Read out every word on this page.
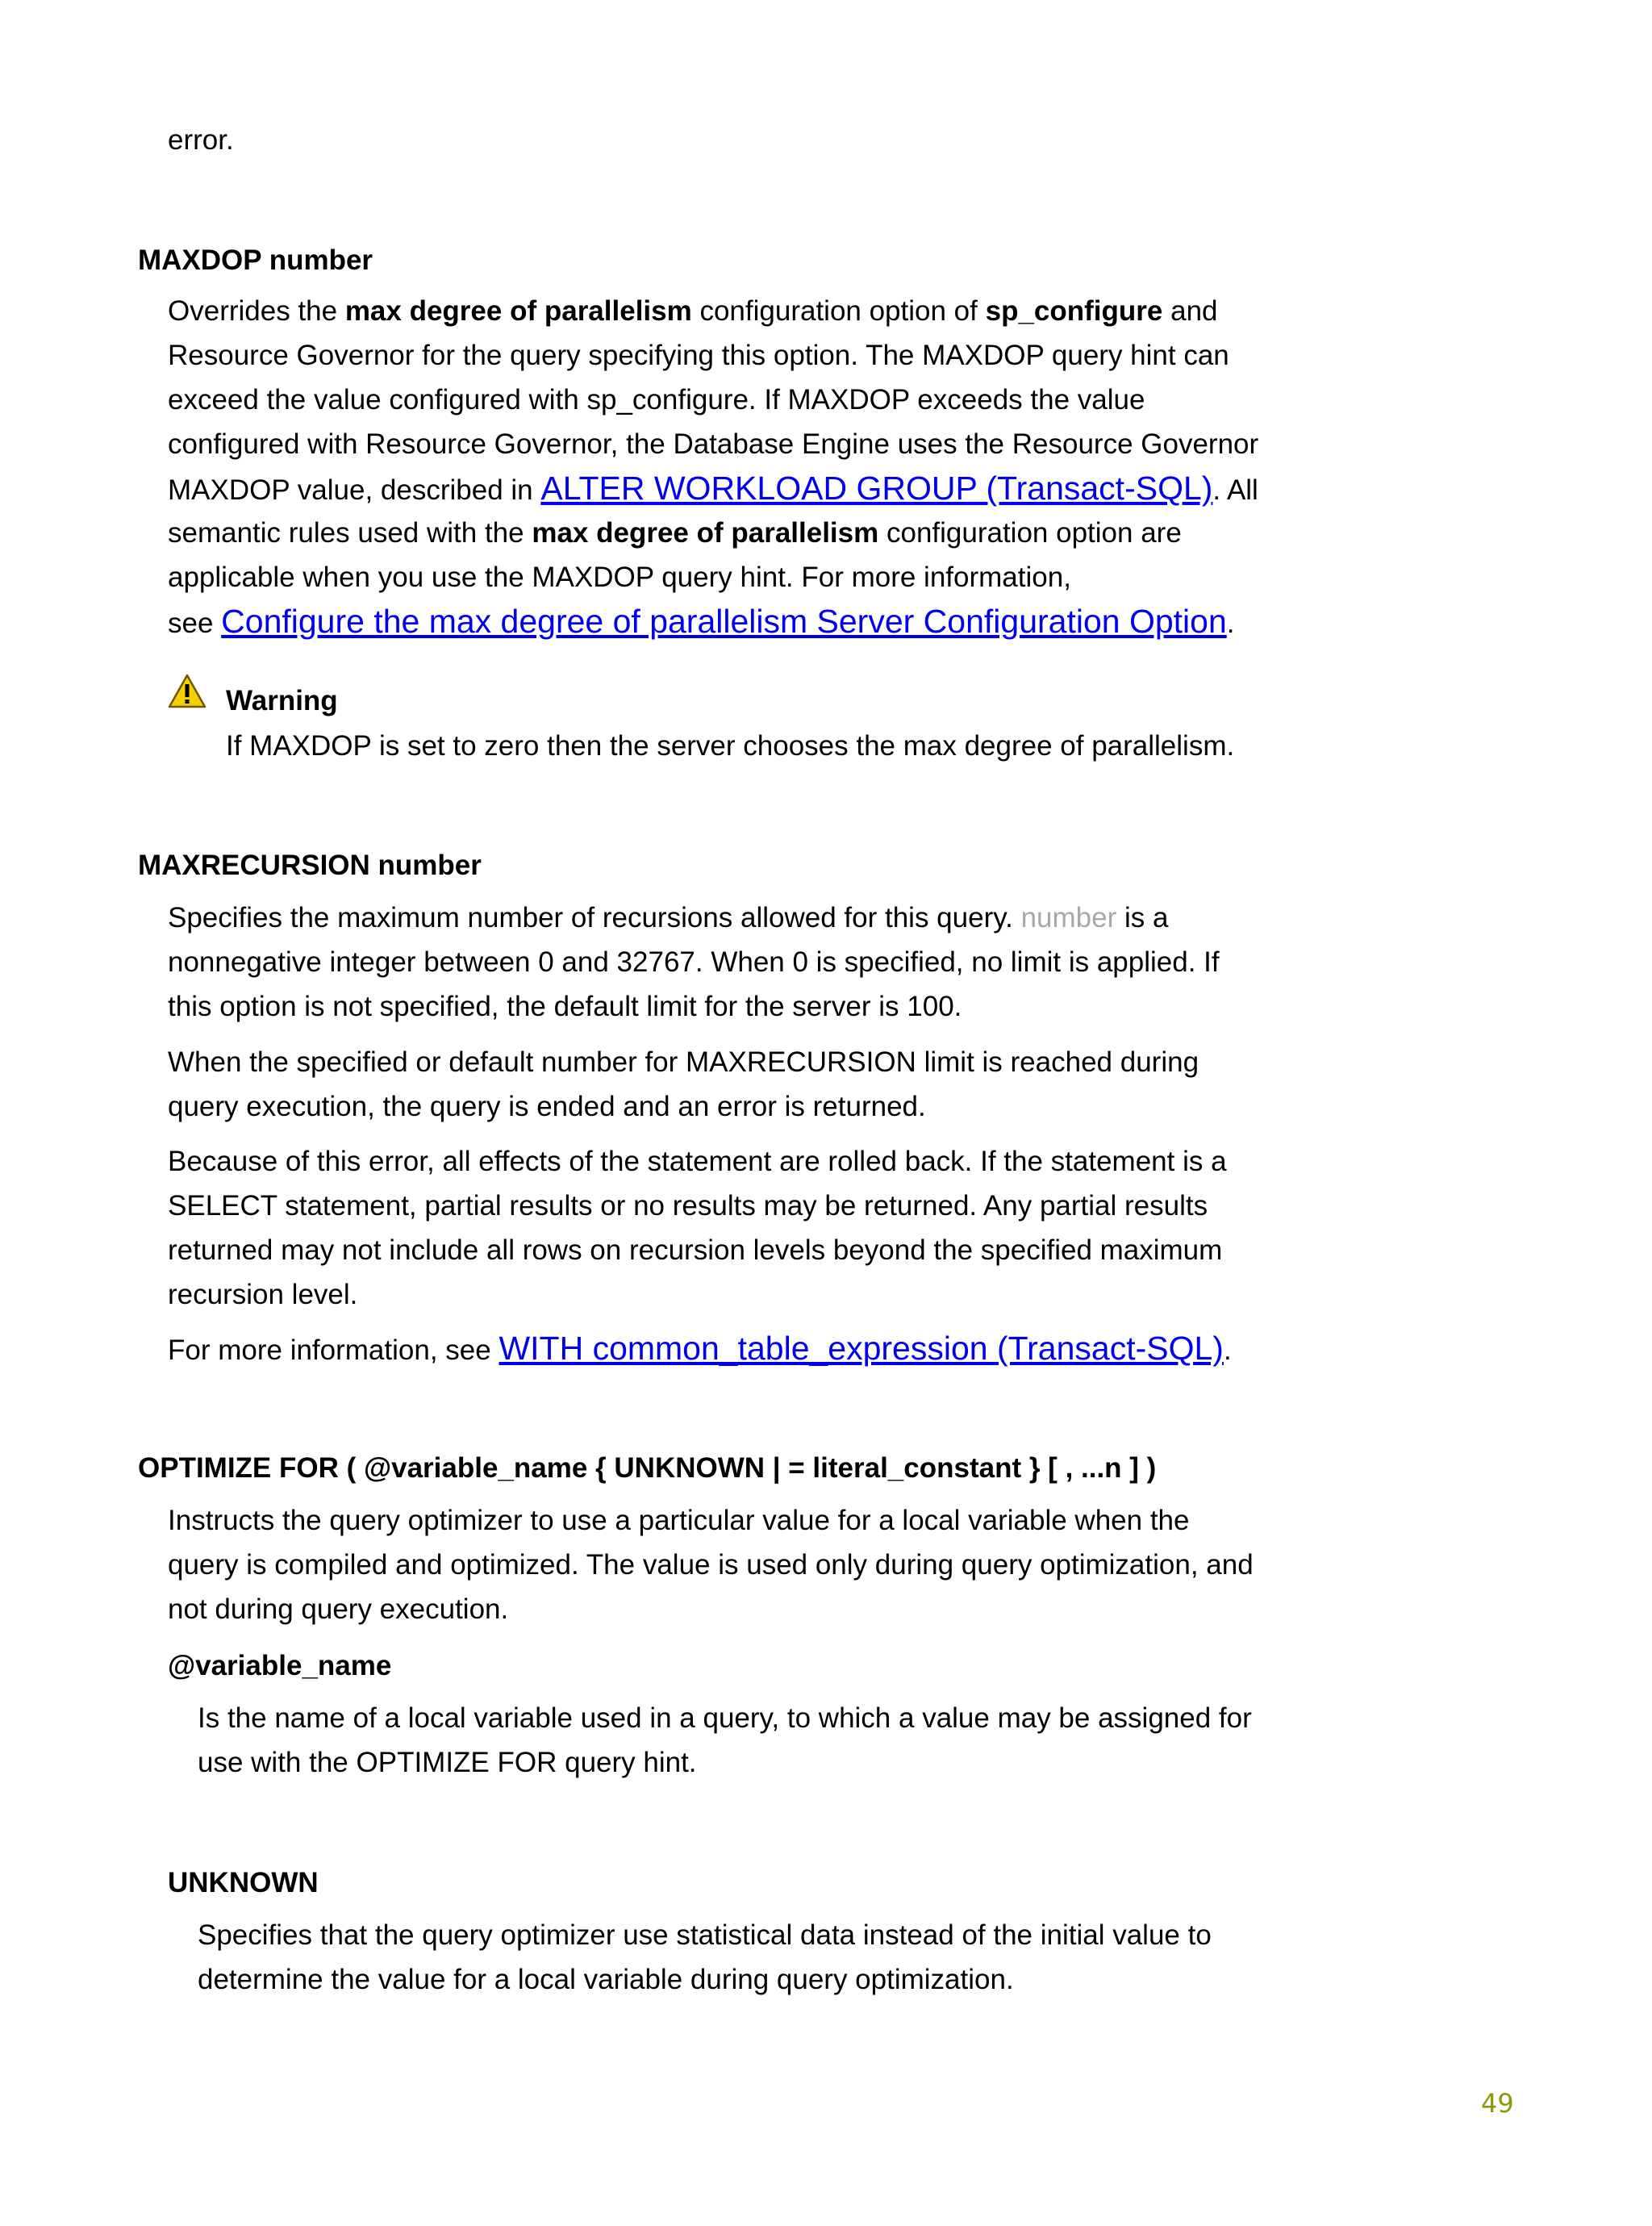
error.
MAXDOP number
Overrides the max degree of parallelism configuration option of sp_configure and
Resource Governor for the query specifying this option. The MAXDOP query hint can
exceed the value configured with sp_configure. If MAXDOP exceeds the value
configured with Resource Governor, the Database Engine uses the Resource Governor
MAXDOP value, described in ALTER WORKLOAD GROUP (Transact-SQL). All
semantic rules used with the max degree of parallelism configuration option are
applicable when you use the MAXDOP query hint. For more information,
see Configure the max degree of parallelism Server Configuration Option.
Warning
If MAXDOP is set to zero then the server chooses the max degree of parallelism.
MAXRECURSION number
Specifies the maximum number of recursions allowed for this query. number is a
nonnegative integer between 0 and 32767. When 0 is specified, no limit is applied. If
this option is not specified, the default limit for the server is 100.
When the specified or default number for MAXRECURSION limit is reached during
query execution, the query is ended and an error is returned.
Because of this error, all effects of the statement are rolled back. If the statement is a
SELECT statement, partial results or no results may be returned. Any partial results
returned may not include all rows on recursion levels beyond the specified maximum
recursion level.
For more information, see WITH common_table_expression (Transact-SQL).
OPTIMIZE FOR ( @variable_name { UNKNOWN | = literal_constant } [ , ...n ] )
Instructs the query optimizer to use a particular value for a local variable when the
query is compiled and optimized. The value is used only during query optimization, and
not during query execution.
@variable_name
Is the name of a local variable used in a query, to which a value may be assigned for
use with the OPTIMIZE FOR query hint.
UNKNOWN
Specifies that the query optimizer use statistical data instead of the initial value to
determine the value for a local variable during query optimization.
49
